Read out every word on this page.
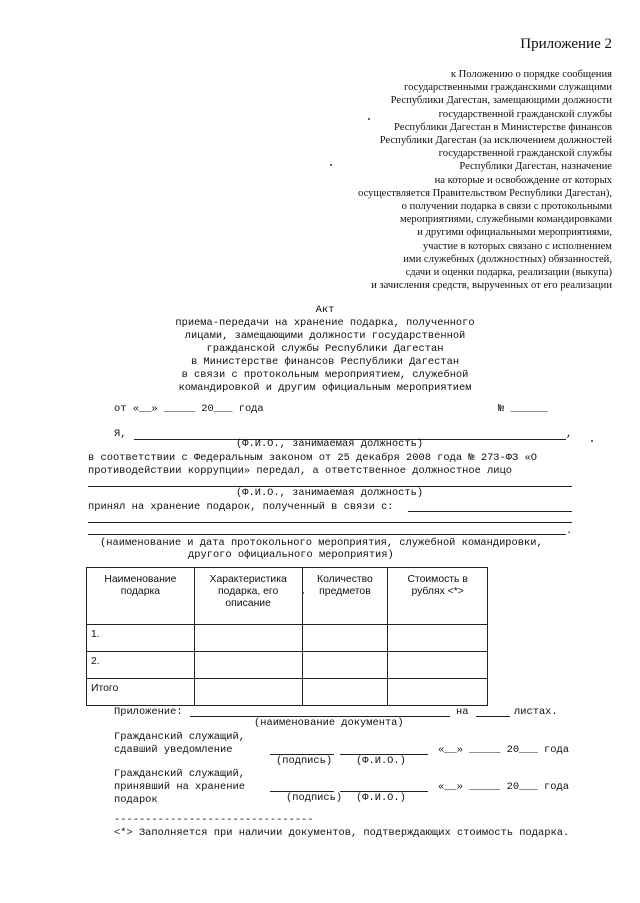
Приложение 2
к Положению о порядке сообщения
государственными гражданскими служащими
Республики Дагестан, замещающими должности
государственной гражданской службы
Республики Дагестан в Министерстве финансов
Республики Дагестан (за исключением должностей
государственной гражданской службы
Республики Дагестан, назначение
на которые и освобождение от которых
осуществляется Правительством Республики Дагестан),
о получении подарка в связи с протокольными
мероприятиями, служебными командировками
и другими официальными мероприятиями,
участие в которых связано с исполнением
ими служебных (должностных) обязанностей,
сдачи и оценки подарка, реализации (выкупа)
и зачисления средств, вырученных от его реализации
Акт
приема-передачи на хранение подарка, полученного
лицами, замещающими должности государственной
гражданской службы Республики Дагестан
в Министерстве финансов Республики Дагестан
в связи с протокольным мероприятием, служебной
командировкой и другим официальным мероприятием
от «__» _____ 20___ года	№ ______
Я,	,
(Ф.И.О., занимаемая должность)
в соответствии с Федеральным законом от 25 декабря 2008 года № 273-ФЗ «О
противодействии коррупции» передал, а ответственное должностное лицо
(Ф.И.О., занимаемая должность)
принял на хранение подарок, полученный в связи с:
.
(наименование и дата протокольного мероприятия, служебной командировки,
другого официального мероприятия)
Наименование подарка	Характеристика подарка, его описание	Количество предметов	Стоимость в рублях <*>
1.			
2.			
Итого			
Приложение:	на	листах.
(наименование документа)
Гражданский служащий,
сдавший уведомление	«__» _____ 20___ года
(подпись) (Ф.И.О.)
Гражданский служащий,
принявший на хранение
подарок
«__» _____ 20___ года
(подпись) (Ф.И.О.)
--------------------------------
<*> Заполняется при наличии документов, подтверждающих стоимость подарка.
